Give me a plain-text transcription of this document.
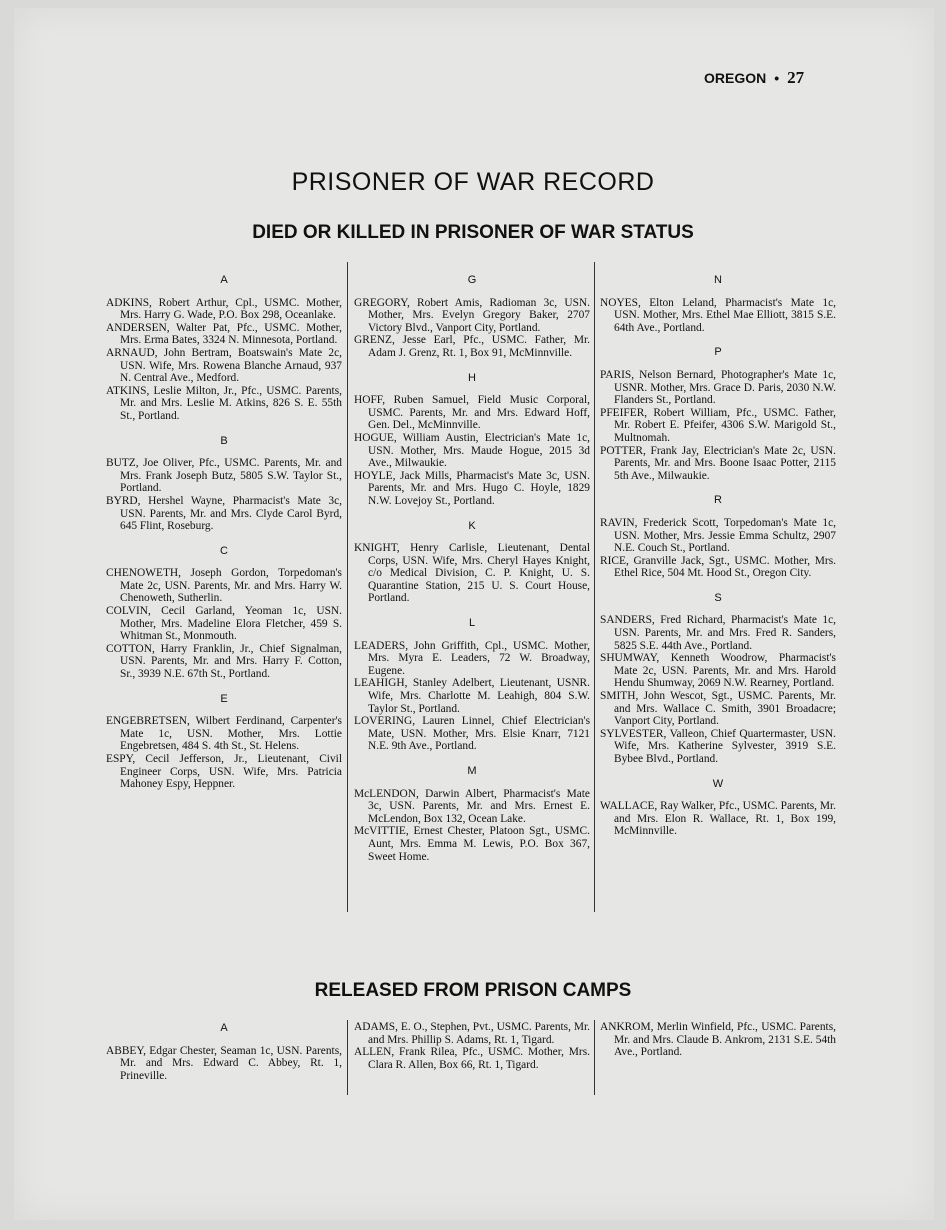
OREGON • 27
PRISONER OF WAR RECORD
DIED OR KILLED IN PRISONER OF WAR STATUS
A
ADKINS, Robert Arthur, Cpl., USMC. Mother, Mrs. Harry G. Wade, P.O. Box 298, Oceanlake.
ANDERSEN, Walter Pat, Pfc., USMC. Mother, Mrs. Erma Bates, 3324 N. Minnesota, Portland.
ARNAUD, John Bertram, Boatswain's Mate 2c, USN. Wife, Mrs. Rowena Blanche Arnaud, 937 N. Central Ave., Medford.
ATKINS, Leslie Milton, Jr., Pfc., USMC. Parents, Mr. and Mrs. Leslie M. Atkins, 826 S. E. 55th St., Portland.
B
BUTZ, Joe Oliver, Pfc., USMC. Parents, Mr. and Mrs. Frank Joseph Butz, 5805 S.W. Taylor St., Portland.
BYRD, Hershel Wayne, Pharmacist's Mate 3c, USN. Parents, Mr. and Mrs. Clyde Carol Byrd, 645 Flint, Roseburg.
C
CHENOWETH, Joseph Gordon, Torpedoman's Mate 2c, USN. Parents, Mr. and Mrs. Harry W. Chenoweth, Sutherlin.
COLVIN, Cecil Garland, Yeoman 1c, USN. Mother, Mrs. Madeline Elora Fletcher, 459 S. Whitman St., Monmouth.
COTTON, Harry Franklin, Jr., Chief Signalman, USN. Parents, Mr. and Mrs. Harry F. Cotton, Sr., 3939 N.E. 67th St., Portland.
E
ENGEBRETSEN, Wilbert Ferdinand, Carpenter's Mate 1c, USN. Mother, Mrs. Lottie Engebretsen, 484 S. 4th St., St. Helens.
ESPY, Cecil Jefferson, Jr., Lieutenant, Civil Engineer Corps, USN. Wife, Mrs. Patricia Mahoney Espy, Heppner.
G
GREGORY, Robert Amis, Radioman 3c, USN. Mother, Mrs. Evelyn Gregory Baker, 2707 Victory Blvd., Vanport City, Portland.
GRENZ, Jesse Earl, Pfc., USMC. Father, Mr. Adam J. Grenz, Rt. 1, Box 91, McMinnville.
H
HOFF, Ruben Samuel, Field Music Corporal, USMC. Parents, Mr. and Mrs. Edward Hoff, Gen. Del., McMinnville.
HOGUE, William Austin, Electrician's Mate 1c, USN. Mother, Mrs. Maude Hogue, 2015 3d Ave., Milwaukie.
HOYLE, Jack Mills, Pharmacist's Mate 3c, USN. Parents, Mr. and Mrs. Hugo C. Hoyle, 1829 N.W. Lovejoy St., Portland.
K
KNIGHT, Henry Carlisle, Lieutenant, Dental Corps, USN. Wife, Mrs. Cheryl Hayes Knight, c/o Medical Division, C. P. Knight, U. S. Quarantine Station, 215 U. S. Court House, Portland.
L
LEADERS, John Griffith, Cpl., USMC. Mother, Mrs. Myra E. Leaders, 72 W. Broadway, Eugene.
LEAHIGH, Stanley Adelbert, Lieutenant, USNR. Wife, Mrs. Charlotte M. Leahigh, 804 S.W. Taylor St., Portland.
LOVERING, Lauren Linnel, Chief Electrician's Mate, USN. Mother, Mrs. Elsie Knarr, 7121 N.E. 9th Ave., Portland.
M
McLENDON, Darwin Albert, Pharmacist's Mate 3c, USN. Parents, Mr. and Mrs. Ernest E. McLendon, Box 132, Ocean Lake.
McVITTIE, Ernest Chester, Platoon Sgt., USMC. Aunt, Mrs. Emma M. Lewis, P.O. Box 367, Sweet Home.
N
NOYES, Elton Leland, Pharmacist's Mate 1c, USN. Mother, Mrs. Ethel Mae Elliott, 3815 S.E. 64th Ave., Portland.
P
PARIS, Nelson Bernard, Photographer's Mate 1c, USNR. Mother, Mrs. Grace D. Paris, 2030 N.W. Flanders St., Portland.
PFEIFER, Robert William, Pfc., USMC. Father, Mr. Robert E. Pfeifer, 4306 S.W. Marigold St., Multnomah.
POTTER, Frank Jay, Electrician's Mate 2c, USN. Parents, Mr. and Mrs. Boone Isaac Potter, 2115 5th Ave., Milwaukie.
R
RAVIN, Frederick Scott, Torpedoman's Mate 1c, USN. Mother, Mrs. Jessie Emma Schultz, 2907 N.E. Couch St., Portland.
RICE, Granville Jack, Sgt., USMC. Mother, Mrs. Ethel Rice, 504 Mt. Hood St., Oregon City.
S
SANDERS, Fred Richard, Pharmacist's Mate 1c, USN. Parents, Mr. and Mrs. Fred R. Sanders, 5825 S.E. 44th Ave., Portland.
SHUMWAY, Kenneth Woodrow, Pharmacist's Mate 2c, USN. Parents, Mr. and Mrs. Harold Hendu Shumway, 2069 N.W. Rearney, Portland.
SMITH, John Wescot, Sgt., USMC. Parents, Mr. and Mrs. Wallace C. Smith, 3901 Broadacre; Vanport City, Portland.
SYLVESTER, Valleon, Chief Quartermaster, USN. Wife, Mrs. Katherine Sylvester, 3919 S.E. Bybee Blvd., Portland.
W
WALLACE, Ray Walker, Pfc., USMC. Parents, Mr. and Mrs. Elon R. Wallace, Rt. 1, Box 199, McMinnville.
RELEASED FROM PRISON CAMPS
A
ABBEY, Edgar Chester, Seaman 1c, USN. Parents, Mr. and Mrs. Edward C. Abbey, Rt. 1, Prineville.
ADAMS, E. O., Stephen, Pvt., USMC. Parents, Mr. and Mrs. Phillip S. Adams, Rt. 1, Tigard.
ALLEN, Frank Rilea, Pfc., USMC. Mother, Mrs. Clara R. Allen, Box 66, Rt. 1, Tigard.
ANKROM, Merlin Winfield, Pfc., USMC. Parents, Mr. and Mrs. Claude B. Ankrom, 2131 S.E. 54th Ave., Portland.
